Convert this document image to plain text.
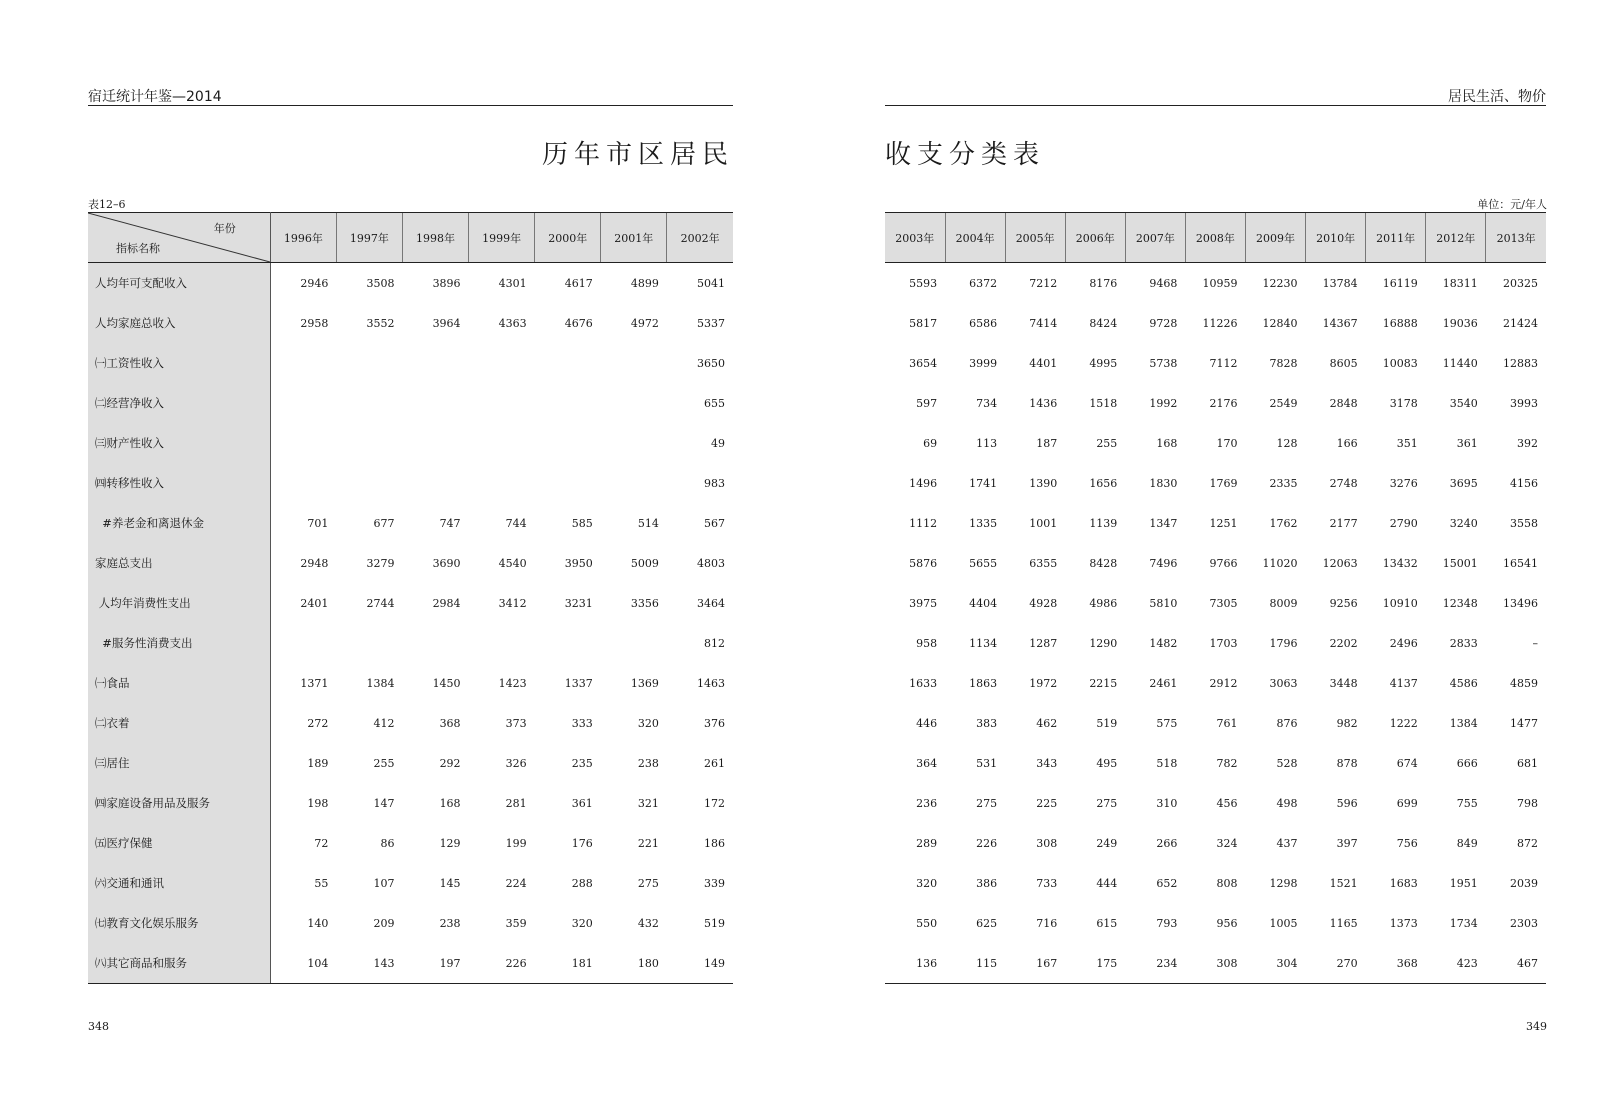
宿迁统计年鉴—2014
历年市区居民
表12–6
年份
指标名称	1996年	1997年	1998年	1999年	2000年	2001年	2002年
人均年可支配收入	2946	3508	3896	4301	4617	4899	5041
人均家庭总收入	2958	3552	3964	4363	4676	4972	5337
㈠工资性收入							3650
㈡经营净收入							655
㈢财产性收入							49
㈣转移性收入							983
#养老金和离退休金	701	677	747	744	585	514	567
家庭总支出	2948	3279	3690	4540	3950	5009	4803
人均年消费性支出	2401	2744	2984	3412	3231	3356	3464
#服务性消费支出							812
㈠食品	1371	1384	1450	1423	1337	1369	1463
㈡衣着	272	412	368	373	333	320	376
㈢居住	189	255	292	326	235	238	261
㈣家庭设备用品及服务	198	147	168	281	361	321	172
㈤医疗保健	72	86	129	199	176	221	186
㈥交通和通讯	55	107	145	224	288	275	339
㈦教育文化娱乐服务	140	209	238	359	320	432	519
㈧其它商品和服务	104	143	197	226	181	180	149
348
居民生活、物价
收支分类表
单位：元/年人
2003年	2004年	2005年	2006年	2007年	2008年	2009年	2010年	2011年	2012年	2013年
5593	6372	7212	8176	9468	10959	12230	13784	16119	18311	20325
5817	6586	7414	8424	9728	11226	12840	14367	16888	19036	21424
3654	3999	4401	4995	5738	7112	7828	8605	10083	11440	12883
597	734	1436	1518	1992	2176	2549	2848	3178	3540	3993
69	113	187	255	168	170	128	166	351	361	392
1496	1741	1390	1656	1830	1769	2335	2748	3276	3695	4156
1112	1335	1001	1139	1347	1251	1762	2177	2790	3240	3558
5876	5655	6355	8428	7496	9766	11020	12063	13432	15001	16541
3975	4404	4928	4986	5810	7305	8009	9256	10910	12348	13496
958	1134	1287	1290	1482	1703	1796	2202	2496	2833	–
1633	1863	1972	2215	2461	2912	3063	3448	4137	4586	4859
446	383	462	519	575	761	876	982	1222	1384	1477
364	531	343	495	518	782	528	878	674	666	681
236	275	225	275	310	456	498	596	699	755	798
289	226	308	249	266	324	437	397	756	849	872
320	386	733	444	652	808	1298	1521	1683	1951	2039
550	625	716	615	793	956	1005	1165	1373	1734	2303
136	115	167	175	234	308	304	270	368	423	467
349
